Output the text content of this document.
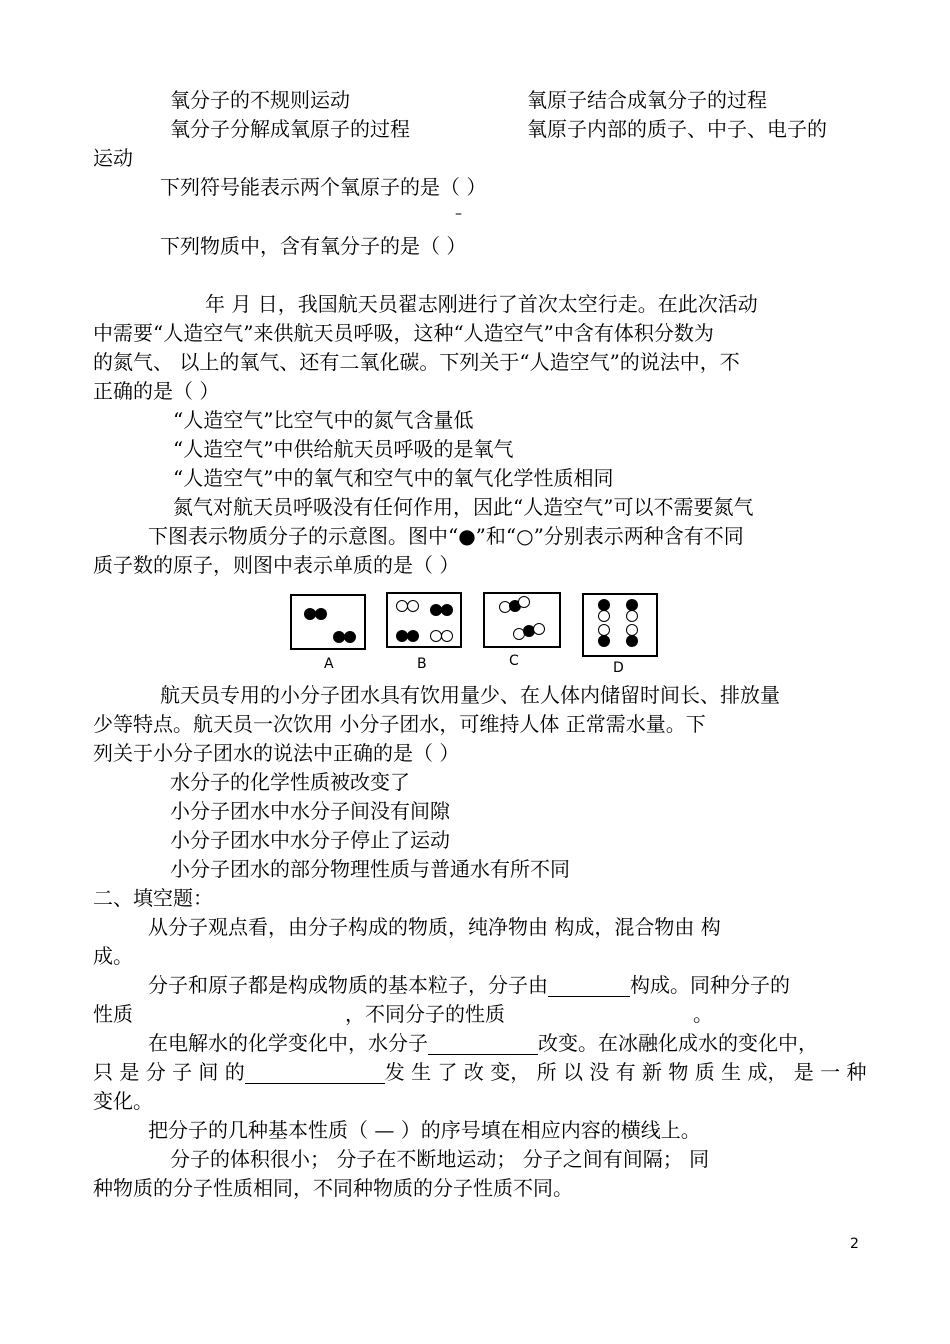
氧分子的不规则运动	氧原子结合成氧分子的过程
氧分子分解成氧原子的过程	氧原子内部的质子、中子、电子的
运动
下列符号能表示两个氧原子的是（ ）
–
下列物质中，含有氧分子的是（ ）
年 月 日，我国航天员翟志刚进行了首次太空行走。在此次活动
中需要“人造空气”来供航天员呼吸，这种“人造空气”中含有体积分数为
的氮气、 以上的氧气、还有二氧化碳。下列关于“人造空气”的说法中，不
正确的是（ ）
“人造空气”比空气中的氮气含量低
“人造空气”中供给航天员呼吸的是氧气
“人造空气”中的氧气和空气中的氧气化学性质相同
氮气对航天员呼吸没有任何作用，因此“人造空气”可以不需要氮气
下图表示物质分子的示意图。图中“●”和“○”分别表示两种含有不同
质子数的原子，则图中表示单质的是（ ）
A	B	C	D
航天员专用的小分子团水具有饮用量少、在人体内储留时间长、排放量
少等特点。航天员一次饮用 小分子团水，可维持人体 正常需水量。下
列关于小分子团水的说法中正确的是（ ）
水分子的化学性质被改变了
小分子团水中水分子间没有间隙
小分子团水中水分子停止了运动
小分子团水的部分物理性质与普通水有所不同
二、填空题：
从分子观点看，由分子构成的物质，纯净物由 构成，混合物由 构
成。
分子和原子都是构成物质的基本粒子，分子由	构成。同种分子的
性质	，不同分子的性质	。
在电解水的化学变化中，水分子	改变。在冰融化成水的变化中，
只 是 分 子 间 的	发 生 了 改 变， 所 以 没 有 新 物 质 生 成， 是 一 种
变化。
把分子的几种基本性质（ — ）的序号填在相应内容的横线上。
分子的体积很小； 分子在不断地运动； 分子之间有间隔； 同
种物质的分子性质相同，不同种物质的分子性质不同。
2
